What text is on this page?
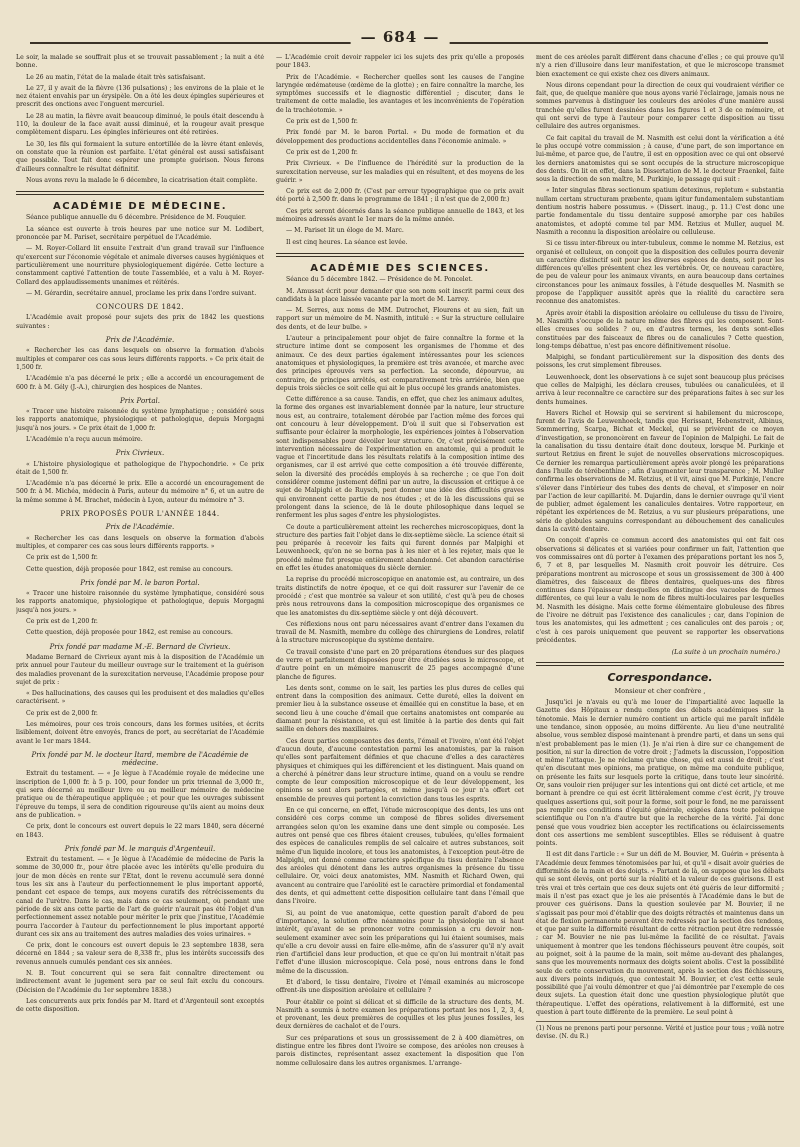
— 684 —

Le soir, la malade se souffrait plus et se trouvait passablement ; la nuit a été bonne.

Le 26 au matin, l'état de la malade était très satisfaisant.

Le 27, il y avait de la fièvre (136 pulsations) ; les environs de la plaie et le nez étaient envahis par un érysipèle. On a ôté les deux épingles supérieures et prescrit des onctions avec l'onguent mercuriel.

Le 28 au matin, la fièvre avait beaucoup diminué, le pouls était descendu à 110, la douleur de la face avait aussi diminué, et la rougeur avait presque complètement disparu. Les épingles inférieures ont été retirées.

Le 30, les fils qui formaient la suture entortillée de la lèvre étant enlevés, on constate que la réunion est parfaite. L'état général est aussi satisfaisant que possible. Tout fait donc espérer une prompte guérison. Nous ferons d'ailleurs connaître le résultat définitif.

Nous avons revu la malade le 6 décembre, la cicatrisation était complète.

ACADÉMIE DE MÉDECINE.

Séance publique annuelle du 6 décembre. Présidence de M. Fouquier.

La séance est ouverte à trois heures par une notice sur M. Lodibert, prononcée par M. Pariset, secrétaire perpétuel de l'Académie.

— M. Royer-Collard lit ensuite l'extrait d'un grand travail sur l'influence qu'exercent sur l'économie végétale et animale diverses causes hygiéniques et particulièrement une nourriture physiologiquement digérée. Cette lecture a constamment captivé l'attention de toute l'assemblée, et a valu à M. Royer-Collard des applaudissements unanimes et réitérés.

— M. Gérardin, secrétaire annuel, proclame les prix dans l'ordre suivant.

CONCOURS DE 1842.

L'Académie avait proposé pour sujets des prix de 1842 les questions suivantes :

Prix de l'Académie.

« Rechercher les cas dans lesquels on observe la formation d'abcès multiples et comparer ces cas sous leurs différents rapports. » Ce prix était de 1,500 fr.

L'Académie n'a pas décerné le prix ; elle a accordé un encouragement de 600 fr. à M. Gély (J.-A.), chirurgien des hospices de Nantes.

Prix Portal.

« Tracer une histoire raisonnée du système lymphatique ; considéré sous les rapports anatomique, physiologique et pathologique, depuis Morgagni jusqu'à nos jours. » Ce prix était de 1,000 fr.

L'Académie n'a reçu aucun mémoire.

Prix Civrieux.

« L'histoire physiologique et pathologique de l'hypochondrie. » Ce prix était de 1,500 fr.

L'Académie n'a pas décerné le prix. Elle a accordé un encouragement de 500 fr. à M. Michéa, médecin à Paris, auteur du mémoire n° 6, et un autre de la même somme à M. Brachet, médecin à Lyon, auteur du mémoire n° 3.

PRIX PROPOSÉS POUR L'ANNÉE 1844.
Prix de l'Académie.

« Rechercher les cas dans lesquels on observe la formation d'abcès multiples, et comparer ces cas sous leurs différents rapports. »

Ce prix est de 1,500 fr.

Cette question, déjà proposée pour 1842, est remise au concours.

Prix fondé par M. le baron Portal.

« Tracer une histoire raisonnée du système lymphatique, considéré sous les rapports anatomique, physiologique et pathologique, depuis Morgagni jusqu'à nos jours. »

Ce prix est de 1,200 fr.

Cette question, déjà proposée pour 1842, est remise au concours.

Prix fondé par madame M.-E. Bernard de Civrieux.

Madame Bernard de Civrieux ayant mis à la disposition de l'Académie un prix annuel pour l'auteur du meilleur ouvrage sur le traitement et la guérison des maladies provenant de la surexcitation nerveuse, l'Académie propose pour sujet de prix :

« Des hallucinations, des causes qui les produisent et des maladies qu'elles caractérisent. »

Ce prix est de 2,000 fr.

Les mémoires, pour ces trois concours, dans les formes usitées, et écrits lisiblement, doivent être envoyés, francs de port, au secrétariat de l'Académie avant le 1er mars 1844.

Prix fondé par M. le docteur Itard, membre de l'Académie de médecine.

Extrait du testament. — « Je lègue à l'Académie royale de médecine une inscription de 1,000 fr. à 5 p. 100, pour fonder un prix triennal de 3,000 fr., qui sera décerné au meilleur livre ou au meilleur mémoire de médecine pratique ou de thérapeutique appliquée ; et pour que les ouvrages subissent l'épreuve du temps, il sera de condition rigoureuse qu'ils aient au moins deux ans de publication. »

Ce prix, dont le concours est ouvert depuis le 22 mars 1840, sera décerné en 1843.

Prix fondé par M. le marquis d'Argenteuil.

Extrait du testament. — « Je lègue à l'Académie de médecine de Paris la somme de 30,000 fr., pour être placée avec les intérêts qu'elle produira du jour de mon décès en rente sur l'Etat, dont le revenu accumulé sera donné tous les six ans à l'auteur du perfectionnement le plus important apporté, pendant cet espace de temps, aux moyens curatifs des rétrécissements du canal de l'urètre. Dans le cas, mais dans ce cas seulement, où pendant une période de six ans cette partie de l'art de guérir n'aurait pas été l'objet d'un perfectionnement assez notable pour mériter le prix que j'institue, l'Académie pourra l'accorder à l'auteur du perfectionnement le plus important apporté durant ces six ans au traitement des autres maladies des voies urinaires. »

Ce prix, dont le concours est ouvert depuis le 23 septembre 1838, sera décerné en 1844 ; sa valeur sera de 8,338 fr., plus les intérêts successifs des revenus annuels cumulés pendant ces six années.

N. B. Tout concurrent qui se sera fait connaître directement ou indirectement avant le jugement sera par ce seul fait exclu du concours. (Décision de l'Académie du 1er septembre 1838.)

Les concurrents aux prix fondés par M. Itard et d'Argenteuil sont exceptés de cette disposition.

— L'Académie croit devoir rappeler ici les sujets des prix qu'elle a proposés pour 1843.

Prix de l'Académie. « Rechercher quelles sont les causes de l'angine laryngée œdémateuse (œdème de la glotte) ; en faire connaître la marche, les symptômes successifs et le diagnostic différentiel ; discuter, dans le traitement de cette maladie, les avantages et les inconvénients de l'opération de la trachéotomie. »

Ce prix est de 1,500 fr.

Prix fondé par M. le baron Portal. « Du mode de formation et du développement des productions accidentelles dans l'économie animale. »

Ce prix est de 1,200 fr.

Prix Civrieux. « De l'influence de l'hérédité sur la production de la surexcitation nerveuse, sur les maladies qui en résultent, et des moyens de les guérir. »

Ce prix est de 2,000 fr. (C'est par erreur typographique que ce prix avait été porté à 2,500 fr. dans le programme de 1841 ; il n'est que de 2,000 fr.)

Ces prix seront décernés dans la séance publique annuelle de 1843, et les mémoires adressés avant le 1er mars de la même année.

— M. Pariset lit un éloge de M. Marc.

Il est cinq heures. La séance est levée.

ACADÉMIE DES SCIENCES.

Séance du 5 décembre 1842. — Présidence de M. Poncelet.

M. Amussat écrit pour demander que son nom soit inscrit parmi ceux des candidats à la place laissée vacante par la mort de M. Larrey.

— M. Serres, aux noms de MM. Dutrochet, Flourens et au sien, fait un rapport sur un mémoire de M. Nasmith, intitulé : « Sur la structure cellulaire des dents, et de leur bulbe. »

L'auteur a principalement pour objet de faire connaître la forme et la structure intime dont se composent les organismes de l'homme et des animaux. Ce des deux parties également intéressantes pour les sciences anatomiques et physiologiques, la première est très avancée, et marche avec des principes éprouvés vers sa perfection. La seconde, dépourvue, au contraire, de principes arrêtés, est comparativement très arriérée, bien que depuis trois siècles ce soit celle qui ait le plus occupé les grands anatomistes.

Cette différence a sa cause. Tandis, en effet, que chez les animaux adultes, la forme des organes est invariablement donnée par la nature, leur structure nous est, au contraire, totalement dérobée par l'action même des forces qui ont concouru à leur développement. D'où il suit que si l'observation est suffisante pour éclairer la morphologie, les expériences jointes à l'observation sont indispensables pour dévoiler leur structure. Or, c'est précisément cette intervention nécessaire de l'expérimentation en anatomie, qui a produit le vague et l'incertitude dans les résultats relatifs à la composition intime des organismes, car il est arrivé que cette composition a été trouvée différente, selon la diversité des procédés employés à sa recherche ; ce que l'on doit considérer comme justement défini par un autre, la discussion et critique à ce sujet de Malpighi et de Ruysch, peut donner une idée des difficultés graves qui environnent cette partie de nos études ; et de là les discussions qui se prolongent dans la science, de là le doute philosophique dans lequel se renferment les plus sages d'entre les physiologistes.

Ce doute a particulièrement atteint les recherches microscopiques, dont la structure des parties fait l'objet dans le dix-septième siècle. La science était si peu préparée à recevoir les faits qui furent donnés par Malpighi et Leuwenhoeck, qu'on ne se borna pas à les nier et à les rejeter, mais que le procédé même fut presque entièrement abandonné. Cet abandon caractérise en effet les études anatomiques du siècle dernier.

La reprise du procédé microscopique en anatomie est, au contraire, un des traits distinctifs de notre époque, et ce qui doit rassurer sur l'avenir de ce procédé ; c'est que montrée sa valeur et son utilité, c'est qu'à peu de choses près nous retrouvons dans la composition microscopique des organismes ce que les anatomistes du dix-septième siècle y ont déjà découvert.

Ces réflexions nous ont paru nécessaires avant d'entrer dans l'examen du travail de M. Nasmith, membre du collège des chirurgiens de Londres, relatif à la structure microscopique du système dentaire.

Ce travail consiste d'une part en 20 préparations étendues sur des plaques de verre et parfaitement disposées pour être étudiées sous le microscope, et d'autre point en un mémoire manuscrit de 25 pages accompagné d'une planche de figures.

Les dents sont, comme on le sait, les parties les plus dures de celles qui entrent dans la composition des animaux. Cette dureté, elles la doivent en premier lieu à la substance osseuse et émaillée qui en constitue la base, et en second lieu à une couche d'émail que certains anatomistes ont comparée au diamant pour la résistance, et qui est limitée à la partie des dents qui fait saillie en dehors des maxillaires.

Ces deux parties composantes des dents, l'émail et l'ivoire, n'ont été l'objet d'aucun doute, d'aucune contestation parmi les anatomistes, par la raison qu'elles sont parfaitement définies et que chacune d'elles a des caractères physiques et chimiques qui les différencient et les distinguent. Mais quand on a cherché à pénétrer dans leur structure intime, quand on a voulu se rendre compte de leur composition microscopique et de leur développement, les opinions se sont alors partagées, et même jusqu'à ce jour n'a offert cet ensemble de preuves qui portent la conviction dans tous les esprits.

En ce qui concerne, en effet, l'étude microscopique des dents, les uns ont considéré ces corps comme un composé de fibres solides diversement arrangées selon qu'on les examine dans une dent simple ou composée. Les autres ont pensé que ces fibres étaient creuses, tubulées, qu'elles formaient des espèces de canalicules remplis de sel calcaire et autres substances, soit même d'un liquide incolore, et tous les anatomistes, à l'exception peut-être de Malpighi, ont donné comme caractère spécifique du tissu dentaire l'absence des aréoles qui dénotent dans les autres organismes la présence du tissu cellulaire. Or, voici deux anatomistes, MM. Nasmith et Richard Owen, qui avancent au contraire que l'aréolité est le caractère primordial et fondamental des dents, et qui admettent cette disposition cellulaire tant dans l'émail que dans l'ivoire.

Si, au point de vue anatomique, cette question paraît d'abord de peu d'importance, la solution offre néanmoins pour la physiologie un si haut intérêt, qu'avant de se prononcer votre commission a cru devoir non-seulement examiner avec soin les préparations qui lui étaient soumises, mais qu'elle a cru devoir aussi en faire elle-même, afin de s'assurer qu'il n'y avait rien d'artificiel dans leur production, et que ce qu'on lui montrait n'était pas l'effet d'une illusion microscopique. Cela posé, nous entrons dans le fond même de la discussion.

Et d'abord, le tissu dentaire, l'ivoire et l'émail examinés au microscope offrent-ils une disposition aréolaire et cellulaire ?

Pour établir ce point si délicat et si difficile de la structure des dents, M. Nasmith a soumis à notre examen les préparations portant les nos 1, 2, 3, 4, et provenant, les deux premières de coquilles et les plus jeunes fossiles, les deux dernières de cachalot et de l'ours.

Sur ces préparations et sous un grossissement de 2 à 400 diamètres, on distingue entre les fibres dont l'ivoire se compose, des aréoles non creuses à parois distinctes, représentant assez exactement la disposition que l'on nomme cellulosaire dans les autres organismes. L'arrange-

ment de ces aréoles paraît différent dans chacune d'elles ; ce qui prouve qu'il n'y a rien d'illusoire dans leur manifestation, et que le microscope transmet bien exactement ce qui existe chez ces divers animaux.

Nous dirons cependant pour la direction de ceux qui voudraient vérifier ce fait, que, de quelque manière que nous ayons varié l'éclairage, jamais nous ne sommes parvenus à distinguer les couleurs des aréoles d'une manière aussi tranchée qu'elles furent dessinées dans les figures 1 et 3 de ce mémoire, et qui ont servi de type à l'auteur pour comparer cette disposition au tissu cellulaire des autres organismes.

Ce fait capital du travail de M. Nasmith est celui dont la vérification a été le plus occupé votre commission ; à cause, d'une part, de son importance en lui-même, et parce que, de l'autre, il est en opposition avec ce qui ont observé les derniers anatomistes qui se sont occupés de la structure microscopique des dents. On lit en effet, dans la Dissertation de M. le docteur Fraenkel, faite sous la direction de son maître, M. Purkinje, le passage qui suit :

« Inter singulas fibras sectionum spatium detexinus, repletum « substantia nullam certam structuram præbente, quam igitur fundamentalem substantiam dentium nostris habere possumus. » (Dissert. inaug., p. 11.) C'est donc une partie fondamentale du tissu dentaire supposé amorphe par ces habiles anatomistes, et adopté comme tel par MM. Retzius et Muller, auquel M. Nasmith a reconnu la disposition aréolaire ou celluleuse.

Si ce tissu inter-fibreux ou inter-tubuleux, comme le nomme M. Retzius, est organisé et celluleux, on conçoit que la disposition des cellules pourra devenir un caractère distinctif soit pour les diverses espèces de dents, soit pour les différences qu'elles présentent chez les vertébrés. Or, ce nouveau caractère, de peu de valeur pour les animaux vivants, en aura beaucoup dans certaines circonstances pour les animaux fossiles, à l'étude desquelles M. Nasmith se propose de l'appliquer aussitôt après que la réalité du caractère sera reconnue des anatomistes.

Après avoir établi la disposition aréolaire ou celluleuse du tissu de l'ivoire, M. Nasmith s'occupe de la nature même des fibres qui les composent. Sont-elles creuses ou solides ? ou, en d'autres termes, les dents sont-elles constituées par des faisceaux de fibres ou de canalicules ? Cette question, long-temps débattue, n'est pas encore définitivement résolue.

Malpighi, se fondant particulièrement sur la disposition des dents des poissons, les crut simplement fibreuses.

Leuwenhoeck, dont les observations à ce sujet sont beaucoup plus précises que celles de Malpighi, les déclara creuses, tubulées ou canaliculées, et il arriva à leur reconnaître ce caractère sur des préparations faites à sec sur les dents humaines.

Havers Richel et Howsip qui se servirent si habilement du microscope, furent de l'avis de Leuwenhoeck, tandis que Herissant, Hebenstreit, Albinus, Sœmmerring, Scarpa, Bichat et Meckel, qui se privèrent de ce moyen d'investigation, se prononcèrent en faveur de l'opinion de Malpighi. Le fait de la canalisation du tissu dentaire était donc douteux, lorsque M. Purkinje et surtout Retzius en firent le sujet de nouvelles observations microscopiques. Ce dernier les remarqua particulièrement après avoir plongé les préparations dans l'huile de térébenthine ; afin d'augmenter leur transparence ; M. Muller confirma les observations de M. Retzius, et il vit, ainsi que M. Purkinje, l'encre s'élever dans l'intérieur des tubes des dents de cheval, et s'imposer en noir par l'action de leur capillarité. M. Dujardin, dans le dernier ouvrage qu'il vient de publier, admet également les canalicules dentaires. Votre rapporteur, en répétant les expériences de M. Retzius, a vu sur plusieurs préparations, une série de globules sanguins correspondant au débouchement des canalicules dans la cavité dentaire.

On conçoit d'après ce commun accord des anatomistes qui ont fait ces observations si délicates et si variées pour confirmer un fait, l'attention que vos commissaires ont dû porter à l'examen des préparations portant les nos 5, 6, 7 et 8, par lesquelles M. Nasmith croit pouvoir les détruire. Ces préparations montrent au microscope et sous un grossissement de 300 à 400 diamètres, des faisceaux de fibres dentaires, quelques-uns des fibres continues dans l'épaisseur desquelles on distingue des vacuoles de formes différentes, ce qui leur a valu le nom de fibres multi-loculaires par lesquelles M. Nasmith les désigne. Mais cette forme élémentaire globuleuse des fibres de l'ivoire ne détruit pas l'existence des canalicules ; car, dans l'opinion de tous les anatomistes, qui les admettent ; ces canalicules ont des parois ; or, c'est à ces parois uniquement que peuvent se rapporter les observations précédentes.

(La suite à un prochain numéro.)
Correspondance.
Monsieur et cher confrère ,

Jusqu'ici je n'avais eu qu'à me louer de l'impartialité avec laquelle la Gazette des Hôpitaux a rendu compte des débats académiques sur la ténotomie. Mais le dernier numéro contient un article qui me paraît infidèle une tendance, sinon opposée, au moins différente. Au lieu d'une neutralité absolue, vous semblez disposé maintenant à prendre parti, et dans un sens qui n'est probablement pas le mien (1). Je n'ai rien à dire sur ce changement de position, ni sur la direction de votre droit ; J'admets la discussion, l'opposition et même l'attaque. Je ne réclame qu'une chose, qui est aussi de droit ; c'est qu'en discutant mes opinions, ma pratique, on même ma conduite publique, on présente les faits sur lesquels porte la critique, dans toute leur sincérité. Or, sans vouloir rien préjuger sur les intentions qui ont dicté cet article, et me bornant à prendre ce qui est écrit littéralement comme c'est écrit, j'y trouve quelques assertions qui, soit pour la forme, soit pour le fond, ne me paraissent pas remplir ces conditions d'équité générale, exigées dans toute polémique scientifique ou l'on n'a d'autre but que la recherche de la vérité. J'ai donc pensé que vous voudriez bien accepter les rectifications ou éclaircissements dont ces assertions me semblent susceptibles. Elles se réduisent à quatre points.

Il est dit dans l'article : « Sur un défi de M. Bouvier, M. Guérin « présenta à l'Académie deux femmes ténotomisées par lui, et qu'il « disait avoir guéries de difformités de la main et des doigts. » Partant de là, on suppose que les débats qui se sont élevés, ont porté sur la réalité et la valeur de ces guérisons. Il est très vrai et très certain que ces deux sujets ont été guéris de leur difformité ; mais il n'est pas exact que je les aie présentés à l'Académie dans le but de prouver ces guérisons. Dans la question soulevée par M. Bouvier, il ne s'agissait pas pour moi d'établir que des doigts rétractés et maintenus dans un état de flexion permanente peuvent être redressés par la section des tendons, et que par suite la difformité résultant de cette rétraction peut être redressée ; car M. Bouvier ne nie pas lui-même la facilité de ce résultat. J'avais uniquement à montrer que les tendons fléchisseurs peuvent être coupés, soit au poignet, soit à la paume de la main, soit même au-devant des phalanges, sans que les mouvements normaux des doigts soient abolis. C'est la possibilité seule de cette conservation du mouvement, après la section des fléchisseurs, aux divers points indiqués, que contestait M. Bouvier, et c'est cette seule possibilité que j'ai voulu démontrer et que j'ai démontrée par l'exemple de ces deux sujets. La question était donc une question physiologique plutôt que thérapeutique. L'effet des opérations, relativement à la difformité, est une question à part toute différente de la première. Le seul point à

(1) Nous ne prenons parti pour personne. Vérité et justice pour tous ; voilà notre devise. (N. du R.)
